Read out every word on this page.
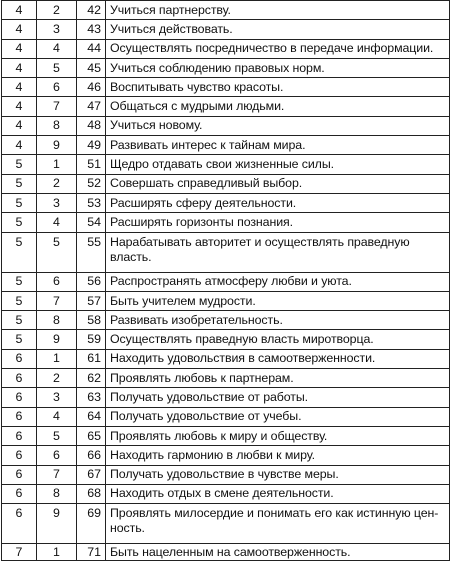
4	2	42	Учиться партнерству.
4	3	43	Учиться действовать.
4	4	44	Осуществлять посредничество в передаче информации.
4	5	45	Учиться соблюдению правовых норм.
4	6	46	Воспитывать чувство красоты.
4	7	47	Общаться с мудрыми людьми.
4	8	48	Учиться новому.
4	9	49	Развивать интерес к тайнам мира.
5	1	51	Щедро отдавать свои жизненные силы.
5	2	52	Совершать справедливый выбор.
5	3	53	Расширять сферу деятельности.
5	4	54	Расширять горизонты познания.
5	5	55	Нарабатывать авторитет и осуществлять праведную власть.
5	6	56	Распространять атмосферу любви и уюта.
5	7	57	Быть учителем мудрости.
5	8	58	Развивать изобретательность.
5	9	59	Осуществлять праведную власть миротворца.
6	1	61	Находить удовольствия в самоотверженности.
6	2	62	Проявлять любовь к партнерам.
6	3	63	Получать удовольствие от работы.
6	4	64	Получать удовольствие от учебы.
6	5	65	Проявлять любовь к миру и обществу.
6	6	66	Находить гармонию в любви к миру.
6	7	67	Получать удовольствие в чувстве меры.
6	8	68	Находить отдых в смене деятельности.
6	9	69	Проявлять милосердие и понимать его как истинную цен-ность.
7	1	71	Быть нацеленным на самоотверженность.
